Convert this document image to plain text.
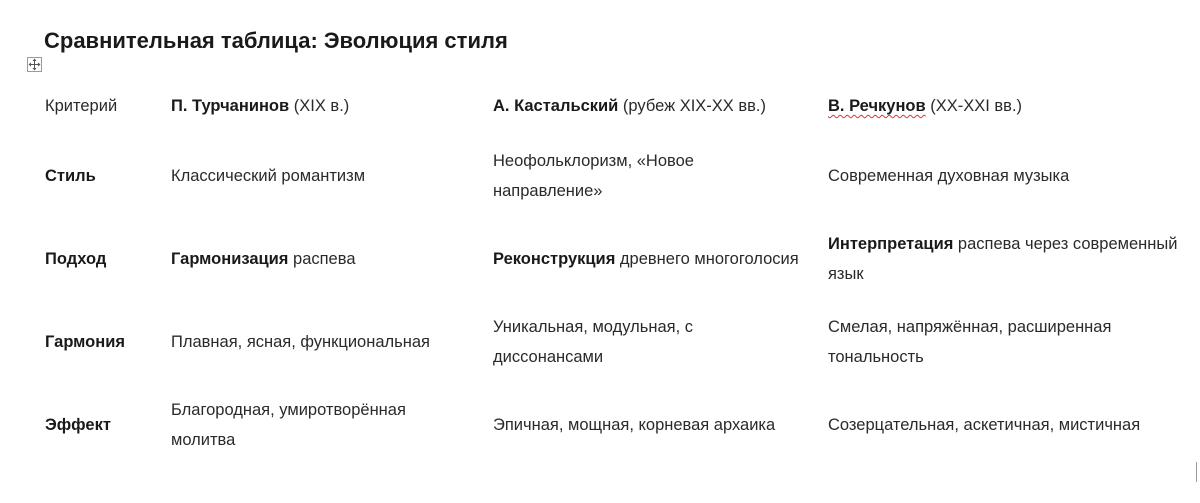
Сравнительная таблица: Эволюция стиля
Критерий	П. Турчанинов (XIX в.)	А. Кастальский (рубеж XIX-XX вв.)	В. Речкунов (XX-XXI вв.)
Стиль	Классический романтизм	Неофольклоризм, «Новое направление»	Современная духовная музыка
Подход	Гармонизация распева	Реконструкция древнего многоголосия	Интерпретация распева через современный язык
Гармония	Плавная, ясная, функциональная	Уникальная, модульная, с диссонансами	Смелая, напряжённая, расширенная тональность
Эффект	Благородная, умиротворённая молитва	Эпичная, мощная, корневая архаика	Созерцательная, аскетичная, мистичная
